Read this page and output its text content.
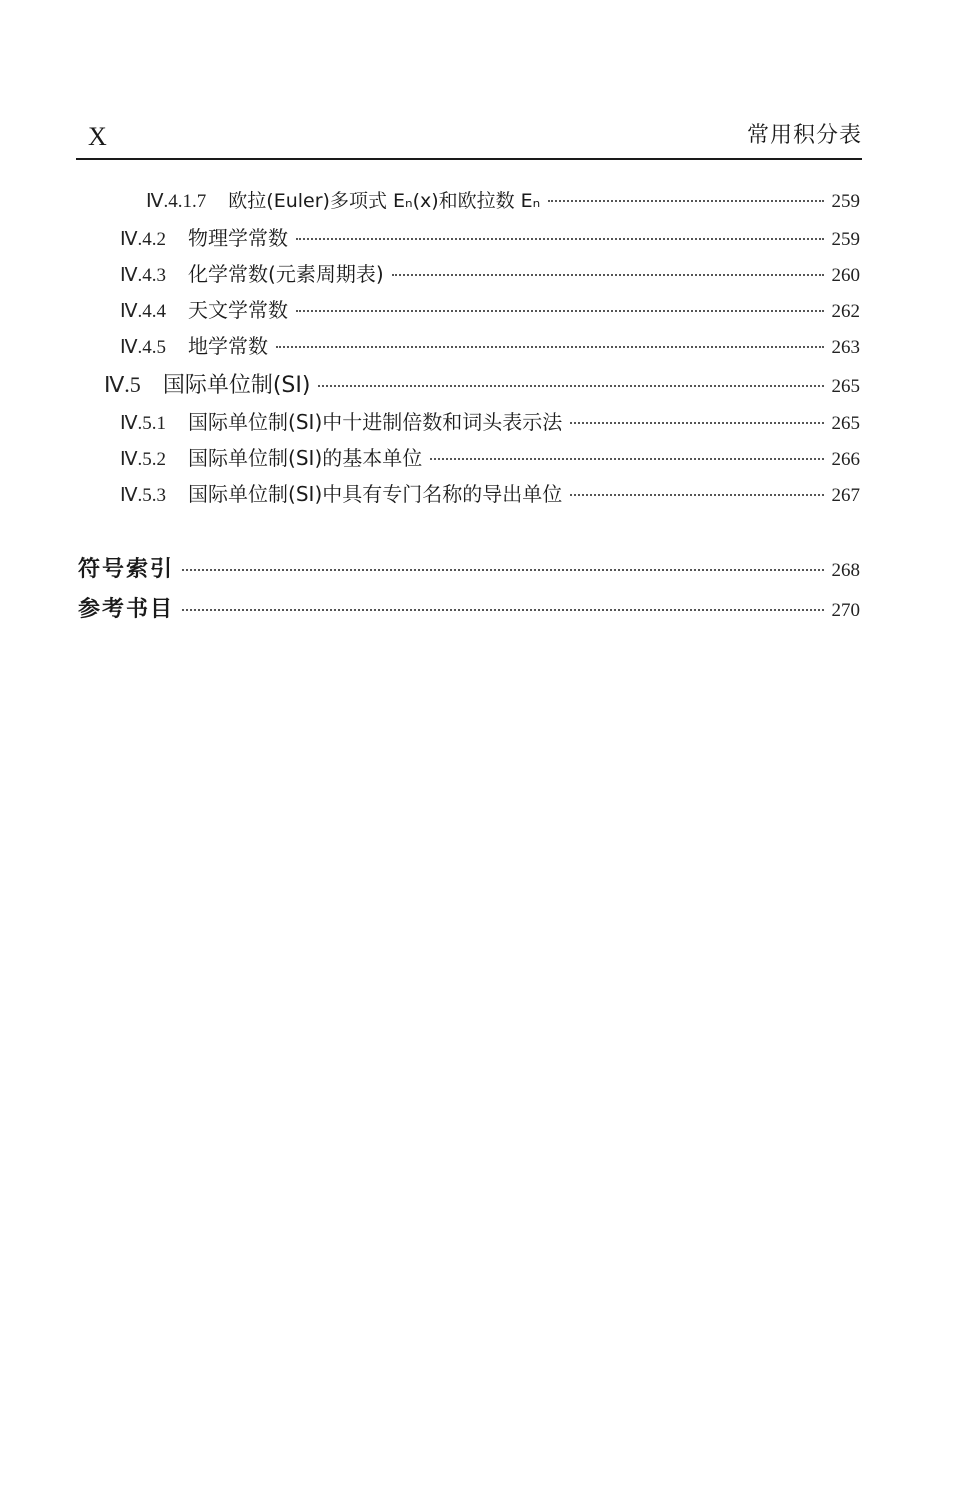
X	常用积分表
Ⅳ.4.1.7 欧拉(Euler)多项式 Eₙ(x)和欧拉数 Eₙ	259
Ⅳ.4.2 物理学常数	259
Ⅳ.4.3 化学常数(元素周期表)	260
Ⅳ.4.4 天文学常数	262
Ⅳ.4.5 地学常数	263
Ⅳ.5 国际单位制(SI)	265
Ⅳ.5.1 国际单位制(SI)中十进制倍数和词头表示法	265
Ⅳ.5.2 国际单位制(SI)的基本单位	266
Ⅳ.5.3 国际单位制(SI)中具有专门名称的导出单位	267
符号索引	268
参考书目	270
